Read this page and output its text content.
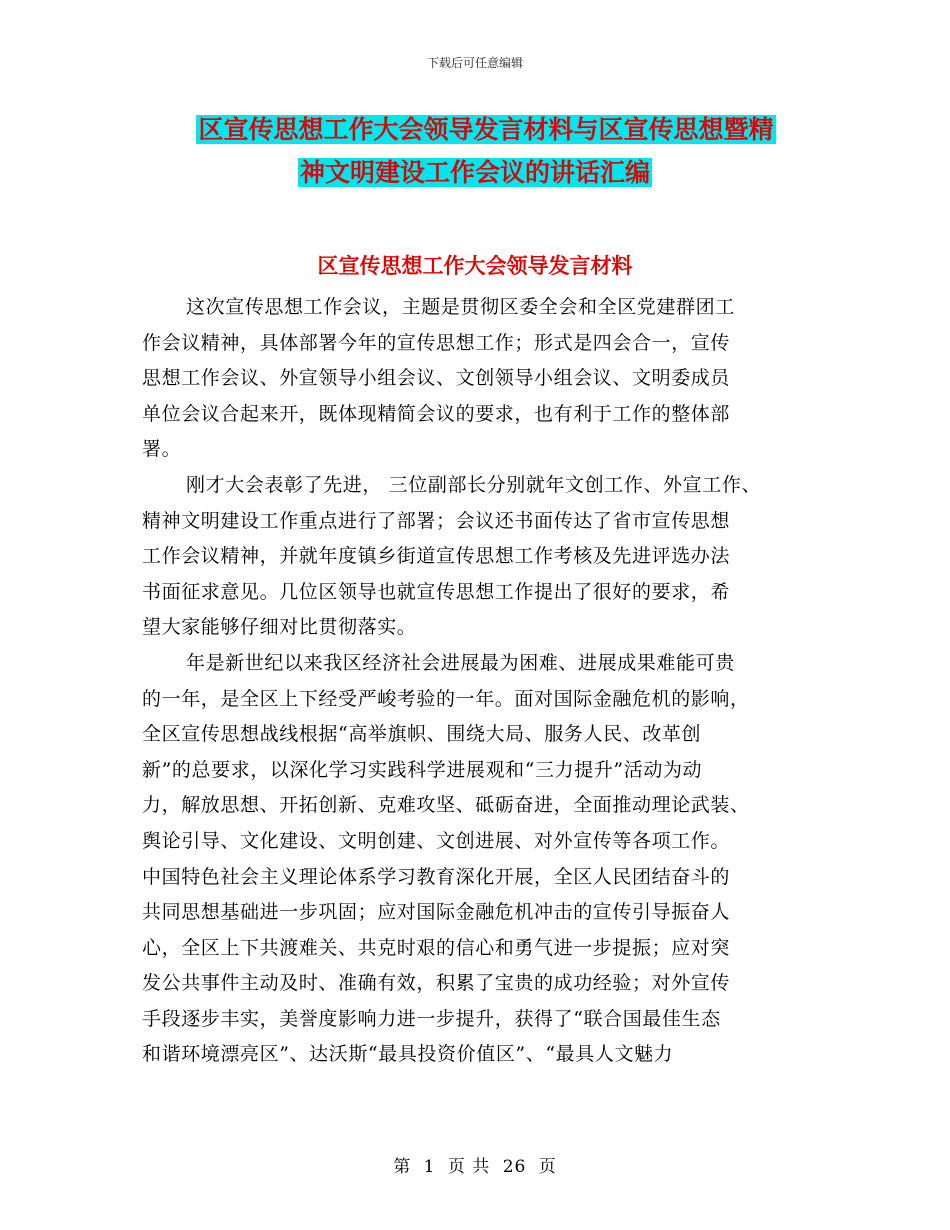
下载后可任意编辑
区宣传思想工作大会领导发言材料与区宣传思想暨精
神文明建设工作会议的讲话汇编
区宣传思想工作大会领导发言材料

这次宣传思想工作会议，主题是贯彻区委全会和全区党建群团工
作会议精神，具体部署今年的宣传思想工作；形式是四会合一，宣传
思想工作会议、外宣领导小组会议、文创领导小组会议、文明委成员
单位会议合起来开，既体现精简会议的要求，也有利于工作的整体部
署。

刚才大会表彰了先进， 三位副部长分别就年文创工作、外宣工作、
精神文明建设工作重点进行了部署；会议还书面传达了省市宣传思想
工作会议精神，并就年度镇乡街道宣传思想工作考核及先进评选办法
书面征求意见。几位区领导也就宣传思想工作提出了很好的要求，希
望大家能够仔细对比贯彻落实。

年是新世纪以来我区经济社会进展最为困难、进展成果难能可贵
的一年，是全区上下经受严峻考验的一年。面对国际金融危机的影响，
全区宣传思想战线根据“高举旗帜、围绕大局、服务人民、改革创
新”的总要求，以深化学习实践科学进展观和“三力提升”活动为动
力，解放思想、开拓创新、克难攻坚、砥砺奋进，全面推动理论武装、
舆论引导、文化建设、文明创建、文创进展、对外宣传等各项工作。
中国特色社会主义理论体系学习教育深化开展，全区人民团结奋斗的
共同思想基础进一步巩固；应对国际金融危机冲击的宣传引导振奋人
心，全区上下共渡难关、共克时艰的信心和勇气进一步提振；应对突
发公共事件主动及时、准确有效，积累了宝贵的成功经验；对外宣传
手段逐步丰实，美誉度影响力进一步提升，获得了“联合国最佳生态
和谐环境漂亮区”、达沃斯“最具投资价值区”、“最具人文魅力

第 1 页 共 26 页
